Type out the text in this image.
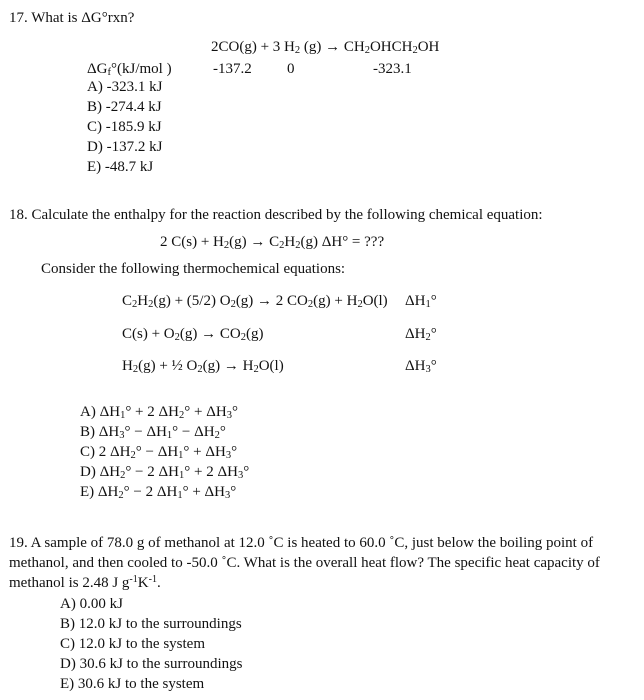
17. What is ΔG°rxn?
2CO(g) + 3 H2 (g) → CH2OHCH2OH
ΔGf°(kJ/mol )	-137.2 0	-323.1
A) -323.1 kJ
B) -274.4 kJ
C) -185.9 kJ
D) -137.2 kJ
E) -48.7 kJ
18. Calculate the enthalpy for the reaction described by the following chemical equation:
2 C(s) + H2(g) → C2H2(g) ΔH° = ???
Consider the following thermochemical equations:
C2H2(g) + (5/2) O2(g) → 2 CO2(g) + H2O(l) ΔH1°
C(s) + O2(g) → CO2(g)	ΔH2°
H2(g) + ½ O2(g) → H2O(l)	ΔH3°
A) ΔH1° + 2 ΔH2° + ΔH3°
B) ΔH3° − ΔH1° − ΔH2°
C) 2 ΔH2° − ΔH1° + ΔH3°
D) ΔH2° − 2 ΔH1° + 2 ΔH3°
E) ΔH2° − 2 ΔH1° + ΔH3°
19. A sample of 78.0 g of methanol at 12.0 ˚C is heated to 60.0 ˚C, just below the boiling point of
methanol, and then cooled to -50.0 ˚C. What is the overall heat flow? The specific heat capacity of
methanol is 2.48 J $g^{-1}K^{-1}$.
A) 0.00 kJ
B) 12.0 kJ to the surroundings
C) 12.0 kJ to the system
D) 30.6 kJ to the surroundings
E) 30.6 kJ to the system
